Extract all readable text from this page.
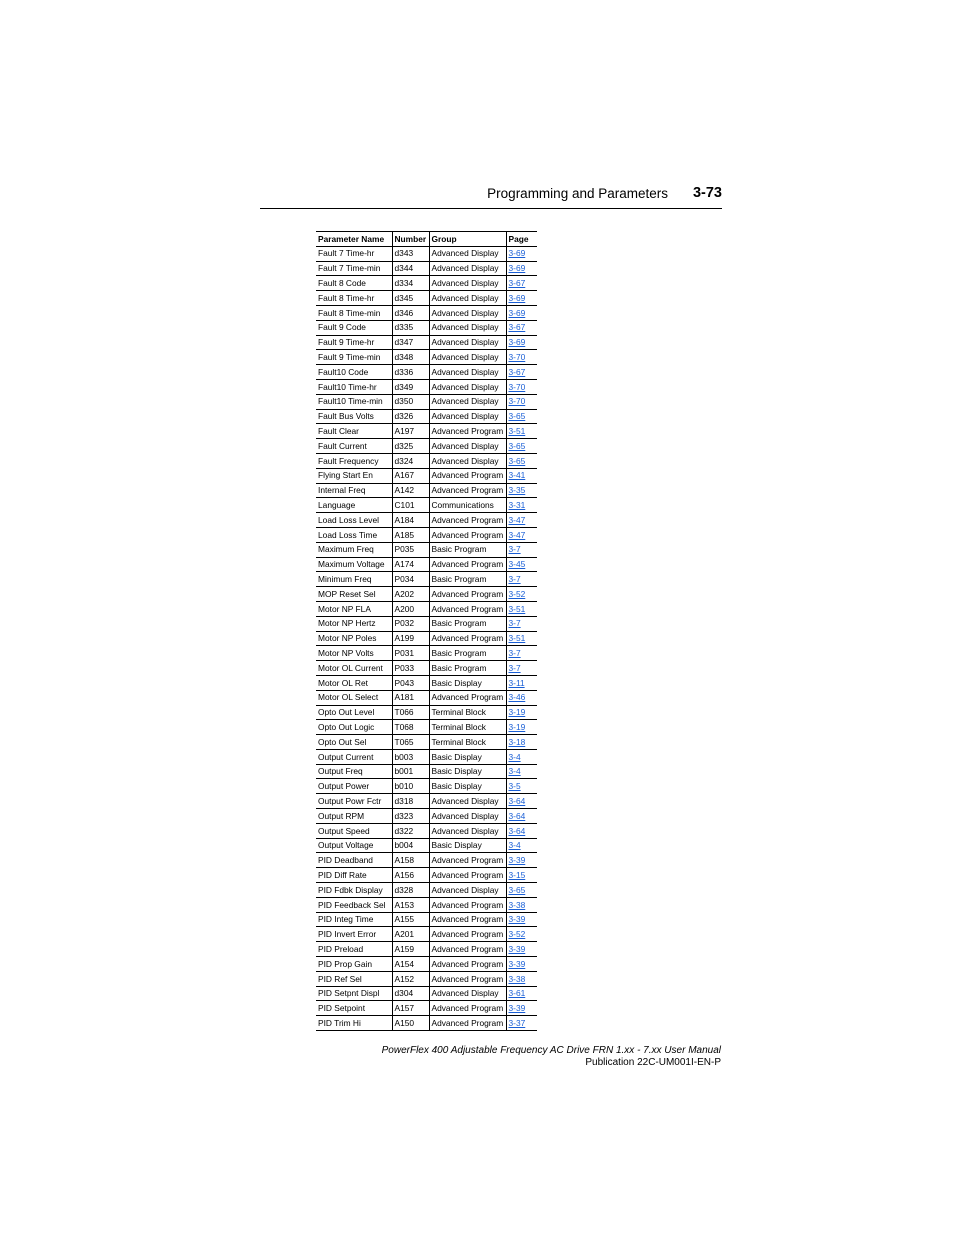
Programming and Parameters 3-73
Parameter Name	Number	Group	Page
Fault 7 Time-hr	d343	Advanced Display	3-69
Fault 7 Time-min	d344	Advanced Display	3-69
Fault 8 Code	d334	Advanced Display	3-67
Fault 8 Time-hr	d345	Advanced Display	3-69
Fault 8 Time-min	d346	Advanced Display	3-69
Fault 9 Code	d335	Advanced Display	3-67
Fault 9 Time-hr	d347	Advanced Display	3-69
Fault 9 Time-min	d348	Advanced Display	3-70
Fault10 Code	d336	Advanced Display	3-67
Fault10 Time-hr	d349	Advanced Display	3-70
Fault10 Time-min	d350	Advanced Display	3-70
Fault Bus Volts	d326	Advanced Display	3-65
Fault Clear	A197	Advanced Program	3-51
Fault Current	d325	Advanced Display	3-65
Fault Frequency	d324	Advanced Display	3-65
Flying Start En	A167	Advanced Program	3-41
Internal Freq	A142	Advanced Program	3-35
Language	C101	Communications	3-31
Load Loss Level	A184	Advanced Program	3-47
Load Loss Time	A185	Advanced Program	3-47
Maximum Freq	P035	Basic Program	3-7
Maximum Voltage	A174	Advanced Program	3-45
Minimum Freq	P034	Basic Program	3-7
MOP Reset Sel	A202	Advanced Program	3-52
Motor NP FLA	A200	Advanced Program	3-51
Motor NP Hertz	P032	Basic Program	3-7
Motor NP Poles	A199	Advanced Program	3-51
Motor NP Volts	P031	Basic Program	3-7
Motor OL Current	P033	Basic Program	3-7
Motor OL Ret	P043	Basic Display	3-11
Motor OL Select	A181	Advanced Program	3-46
Opto Out Level	T066	Terminal Block	3-19
Opto Out Logic	T068	Terminal Block	3-19
Opto Out Sel	T065	Terminal Block	3-18
Output Current	b003	Basic Display	3-4
Output Freq	b001	Basic Display	3-4
Output Power	b010	Basic Display	3-5
Output Powr Fctr	d318	Advanced Display	3-64
Output RPM	d323	Advanced Display	3-64
Output Speed	d322	Advanced Display	3-64
Output Voltage	b004	Basic Display	3-4
PID Deadband	A158	Advanced Program	3-39
PID Diff Rate	A156	Advanced Program	3-15
PID Fdbk Display	d328	Advanced Display	3-65
PID Feedback Sel	A153	Advanced Program	3-38
PID Integ Time	A155	Advanced Program	3-39
PID Invert Error	A201	Advanced Program	3-52
PID Preload	A159	Advanced Program	3-39
PID Prop Gain	A154	Advanced Program	3-39
PID Ref Sel	A152	Advanced Program	3-38
PID Setpnt Displ	d304	Advanced Display	3-61
PID Setpoint	A157	Advanced Program	3-39
PID Trim Hi	A150	Advanced Program	3-37
PowerFlex 400 Adjustable Frequency AC Drive FRN 1.xx - 7.xx User Manual
Publication 22C-UM001I-EN-P
